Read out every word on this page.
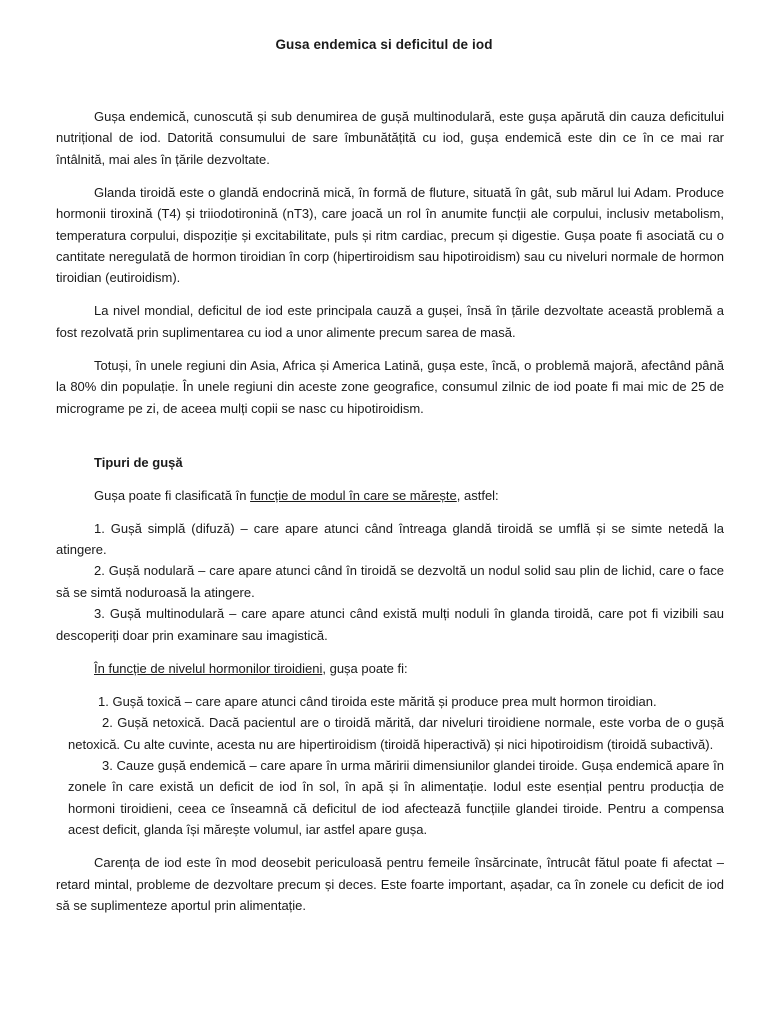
Gusa endemica si deficitul de iod

Gușa endemică, cunoscută și sub denumirea de gușă multinodulară, este gușa apărută din cauza deficitului nutrițional de iod. Datorită consumului de sare îmbunătățită cu iod, gușa endemică este din ce în ce mai rar întâlnită, mai ales în țările dezvoltate.

Glanda tiroidă este o glandă endocrină mică, în formă de fluture, situată în gât, sub mărul lui Adam. Produce hormonii tiroxină (T4) și triiodotironină (nT3), care joacă un rol în anumite funcții ale corpului, inclusiv metabolism, temperatura corpului, dispoziție și excitabilitate, puls și ritm cardiac, precum și digestie. Gușa poate fi asociată cu o cantitate neregulată de hormon tiroidian în corp (hipertiroidism sau hipotiroidism) sau cu niveluri normale de hormon tiroidian (eutiroidism).

La nivel mondial, deficitul de iod este principala cauză a gușei, însă în țările dezvoltate această problemă a fost rezolvată prin suplimentarea cu iod a unor alimente precum sarea de masă.

Totuși, în unele regiuni din Asia, Africa și America Latină, gușa este, încă, o problemă majoră, afectând până la 80% din populație. În unele regiuni din aceste zone geografice, consumul zilnic de iod poate fi mai mic de 25 de micrograme pe zi, de aceea mulți copii se nasc cu hipotiroidism.

Tipuri de gușă

Gușa poate fi clasificată în funcție de modul în care se mărește, astfel:

1. Gușă simplă (difuză) – care apare atunci când întreaga glandă tiroidă se umflă și se simte netedă la atingere.
2. Gușă nodulară – care apare atunci când în tiroidă se dezvoltă un nodul solid sau plin de lichid, care o face să se simtă noduroasă la atingere.
3. Gușă multinodulară – care apare atunci când există mulți noduli în glanda tiroidă, care pot fi vizibili sau descoperiți doar prin examinare sau imagistică.

În funcție de nivelul hormonilor tiroidieni, gușa poate fi:

1. Gușă toxică – care apare atunci când tiroida este mărită și produce prea mult hormon tiroidian.
2. Gușă netoxică. Dacă pacientul are o tiroidă mărită, dar niveluri tiroidiene normale, este vorba de o gușă netoxică. Cu alte cuvinte, acesta nu are hipertiroidism (tiroidă hiperactivă) și nici hipotiroidism (tiroidă subactivă).
3. Cauze gușă endemică – care apare în urma măririi dimensiunilor glandei tiroide. Gușa endemică apare în zonele în care există un deficit de iod în sol, în apă și în alimentație. Iodul este esențial pentru producția de hormoni tiroidieni, ceea ce înseamnă că deficitul de iod afectează funcțiile glandei tiroide. Pentru a compensa acest deficit, glanda își mărește volumul, iar astfel apare gușa.

Carența de iod este în mod deosebit periculoasă pentru femeile însărcinate, întrucât fătul poate fi afectat – retard mintal, probleme de dezvoltare precum și deces. Este foarte important, așadar, ca în zonele cu deficit de iod să se suplimenteze aportul prin alimentație.
